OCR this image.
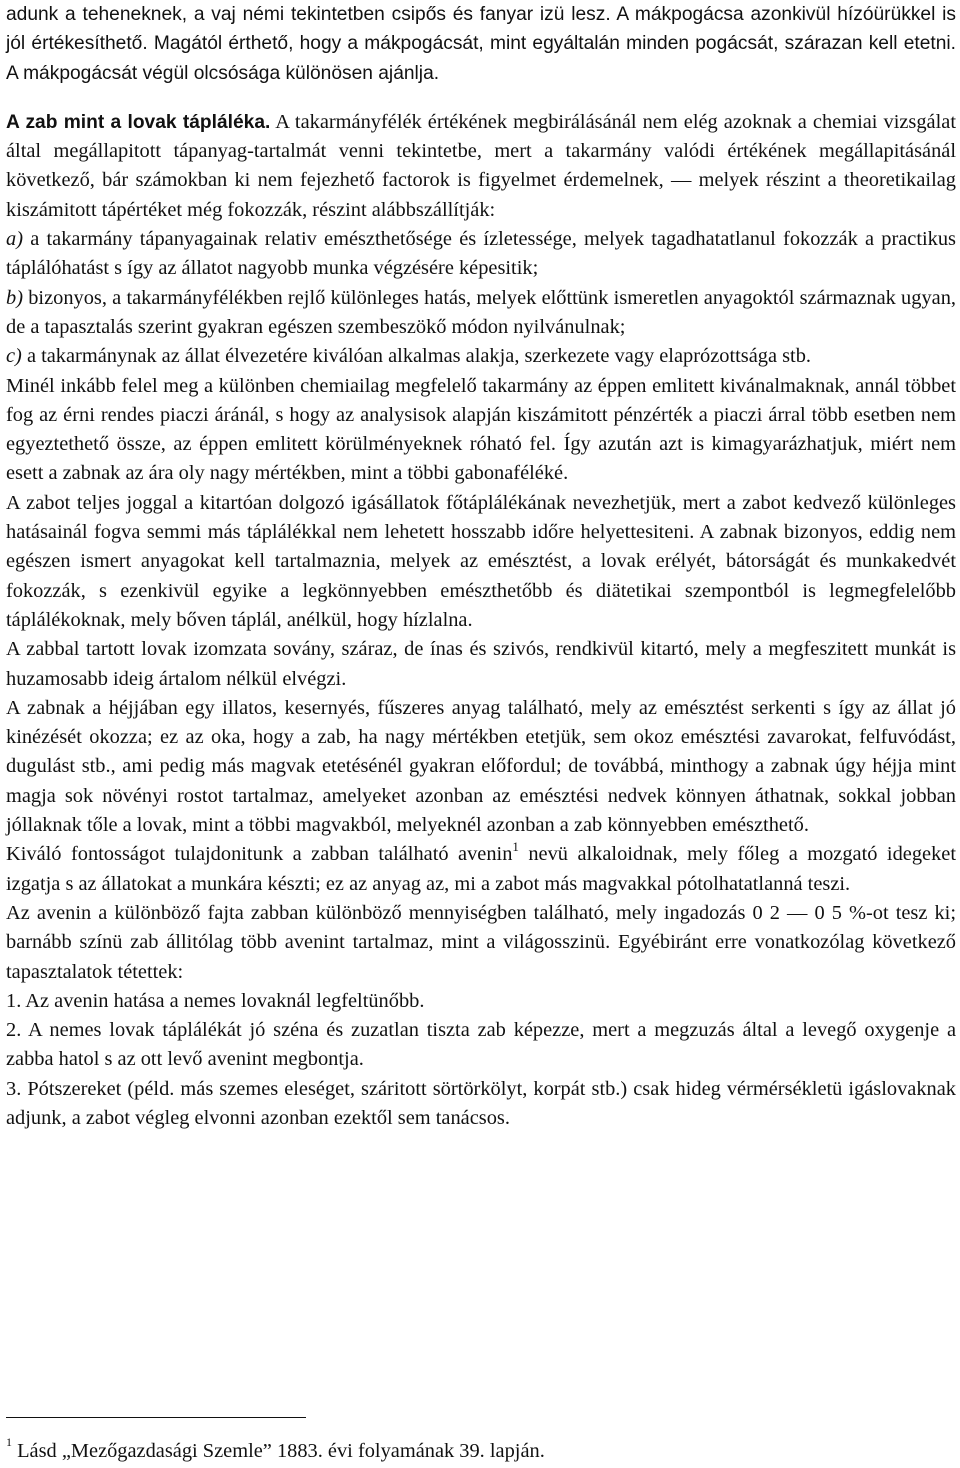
adunk a teheneknek, a vaj némi tekintetben csipős és fanyar izü lesz. A mákpogácsa azonkivül hízóürükkel is jól értékesíthető. Magától érthető, hogy a mákpogácsát, mint egyáltalán minden pogácsát, szárazan kell etetni. A mákpogácsát végül olcsósága különösen ajánlja.

A zab mint a lovak tápláléka. A takarmányfélék értékének megbirálásánál nem elég azoknak a chemiai vizsgálat által megállapitott tápanyag-tartalmát venni tekintetbe, mert a takarmány valódi értékének megállapitásánál következő, bár számokban ki nem fejezhető factorok is figyelmet érdemelnek, ― melyek részint a theoretikailag kiszámitott tápértéket még fokozzák, részint alábbszállítják:

a) a takarmány tápanyagainak relativ emészthetősége és ízletessége, melyek tagadhatatlanul fokozzák a practikus táplálóhatást s így az állatot nagyobb munka végzésére képesitik;

b) bizonyos, a takarmányfélékben rejlő különleges hatás, melyek előttünk ismeretlen anyagoktól származnak ugyan, de a tapasztalás szerint gyakran egészen szembeszökő módon nyilvánulnak;

c) a takarmánynak az állat élvezetére kiválóan alkalmas alakja, szerkezete vagy elaprózottsága stb.

Minél inkább felel meg a különben chemiailag megfelelő takarmány az éppen emlitett kivánalmaknak, annál többet fog az érni rendes piaczi áránál, s hogy az analysisok alapján kiszámitott pénzérték a piaczi árral több esetben nem egyeztethető össze, az éppen emlitett körülményeknek róható fel. Így azután azt is kimagyarázhatjuk, miért nem esett a zabnak az ára oly nagy mértékben, mint a többi gabonaféléké.

A zabot teljes joggal a kitartóan dolgozó igásállatok főtáplálékának nevezhetjük, mert a zabot kedvező különleges hatásainál fogva semmi más táplálékkal nem lehetett hosszabb időre helyettesiteni. A zabnak bizonyos, eddig nem egészen ismert anyagokat kell tartalmaznia, melyek az emésztést, a lovak erélyét, bátorságát és munkakedvét fokozzák, s ezenkivül egyike a legkönnyebben emészthetőbb és diätetikai szempontból is legmegfelelőbb táplálékoknak, mely bőven táplál, anélkül, hogy hízlalna.

A zabbal tartott lovak izomzata sovány, száraz, de ínas és szivós, rendkivül kitartó, mely a megfeszitett munkát is huzamosabb ideig ártalom nélkül elvégzi.

A zabnak a héjjában egy illatos, kesernyés, fűszeres anyag található, mely az emésztést serkenti s így az állat jó kinézését okozza; ez az oka, hogy a zab, ha nagy mértékben etetjük, sem okoz emésztési zavarokat, felfuvódást, dugulást stb., ami pedig más magvak etetésénél gyakran előfordul; de továbbá, minthogy a zabnak úgy héjja mint magja sok növényi rostot tartalmaz, amelyeket azonban az emésztési nedvek könnyen áthatnak, sokkal jobban jóllaknak tőle a lovak, mint a többi magvakból, melyeknél azonban a zab könnyebben emészthető.

Kiváló fontosságot tulajdonitunk a zabban található avenin$^1$ nevü alkaloidnak, mely főleg a mozgató idegeket izgatja s az állatokat a munkára készti; ez az anyag az, mi a zabot más magvakkal pótolhatatlanná teszi.

Az avenin a különböző fajta zabban különböző mennyiségben található, mely ingadozás 0 2 ― 0 5 %-ot tesz ki; barnább színü zab állitólag több avenint tartalmaz, mint a világosszinü. Egyébiránt erre vonatkozólag következő tapasztalatok tétettek:

1. Az avenin hatása a nemes lovaknál legfeltünőbb.

2. A nemes lovak táplálékát jó széna és zuzatlan tiszta zab képezze, mert a megzuzás által a levegő oxygenje a zabba hatol s az ott levő avenint megbontja.

3. Pótszereket (péld. más szemes eleséget, száritott sörtörkölyt, korpát stb.) csak hideg vérmérsékletü igáslovaknak adjunk, a zabot végleg elvonni azonban ezektől sem tanácsos.

$^1$ Lásd „Mezőgazdasági Szemle” 1883. évi folyamának 39. lapján.
